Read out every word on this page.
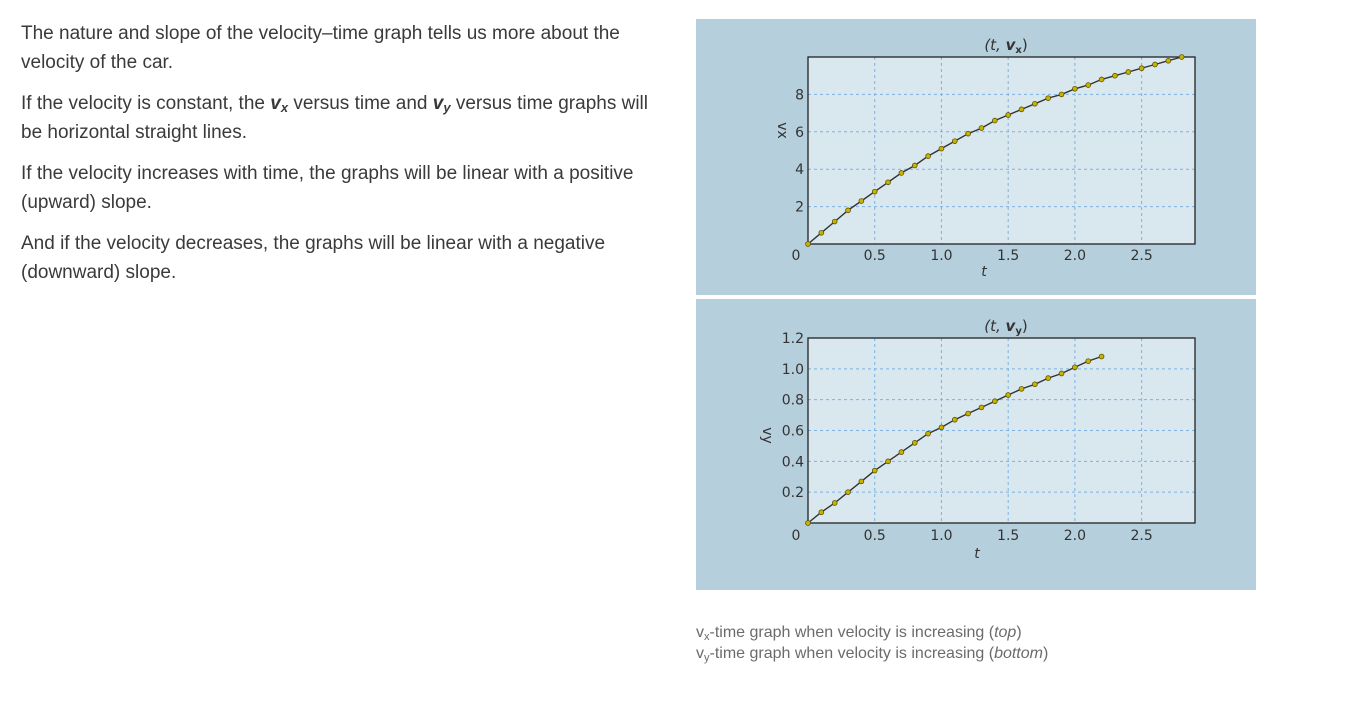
The nature and slope of the velocity–time graph tells us more about the velocity of the car.

If the velocity is constant, the $v_x$ versus time and $v_y$ versus time graphs will be horizontal straight lines.

If the velocity increases with time, the graphs will be linear with a positive (upward) slope.

And if the velocity decreases, the graphs will be linear with a negative (downward) slope.

0	0.5	1.0	1.5	2.0	2.5
2
4
6
8
t
vx
(t, $v_x$)
0	0.5	1.0	1.5	2.0	2.5
0.2
0.4
0.6
0.8
1.0
1.2
t
vy
(t, $v_y$)
$v_x$-time graph when velocity is increasing (top)
$v_y$-time graph when velocity is increasing (bottom)
